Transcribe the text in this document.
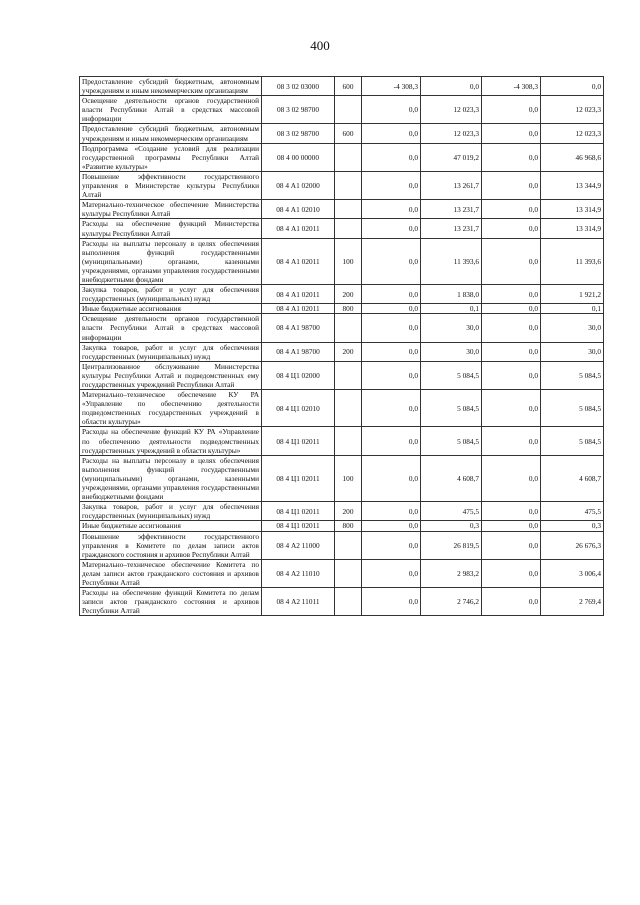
400
Предоставление субсидий бюджетным, автономным учреждениям и иным некоммерческим организациям	08 3 02 03000	600	-4 308,3	0,0	-4 308,3	0,0
Освещение деятельности органов государственной власти Республики Алтай в средствах массовой информации	08 3 02 98700		0,0	12 023,3	0,0	12 023,3
Предоставление субсидий бюджетным, автономным учреждениям и иным некоммерческим организациям	08 3 02 98700	600	0,0	12 023,3	0,0	12 023,3
Подпрограмма «Создание условий для реализации государственной программы Республики Алтай «Развитие культуры»	08 4 00 00000		0,0	47 019,2	0,0	46 968,6
Повышение эффективности государственного управления в Министерстве культуры Республики Алтай	08 4 А1 02000		0,0	13 261,7	0,0	13 344,9
Материально-техническое обеспечение Министерства культуры Республики Алтай	08 4 А1 02010		0,0	13 231,7	0,0	13 314,9
Расходы на обеспечение функций Министерства культуры Республики Алтай	08 4 А1 02011		0,0	13 231,7	0,0	13 314,9
Расходы на выплаты персоналу в целях обеспечения выполнения функций государственными (муниципальными) органами, казенными учреждениями, органами управления государственными внебюджетными фондами	08 4 А1 02011	100	0,0	11 393,6	0,0	11 393,6
Закупка товаров, работ и услуг для обеспечения государственных (муниципальных) нужд	08 4 А1 02011	200	0,0	1 838,0	0,0	1 921,2
Иные бюджетные ассигнования	08 4 А1 02011	800	0,0	0,1	0,0	0,1
Освещение деятельности органов государственной власти Республики Алтай в средствах массовой информации	08 4 А1 98700		0,0	30,0	0,0	30,0
Закупка товаров, работ и услуг для обеспечения государственных (муниципальных) нужд	08 4 А1 98700	200	0,0	30,0	0,0	30,0
Централизованное обслуживание Министерства культуры Республики Алтай и подведомственных ему государственных учреждений Республики Алтай	08 4 Ц1 02000		0,0	5 084,5	0,0	5 084,5
Материально–техническое обеспечение КУ РА «Управление по обеспечению деятельности подведомственных государственных учреждений в области культуры»	08 4 Ц1 02010		0,0	5 084,5	0,0	5 084,5
Расходы на обеспечение функций КУ РА «Управление по обеспечению деятельности подведомственных государственных учреждений в области культуры»	08 4 Ц1 02011		0,0	5 084,5	0,0	5 084,5
Расходы на выплаты персоналу в целях обеспечения выполнения функций государственными (муниципальными) органами, казенными учреждениями, органами управления государственными внебюджетными фондами	08 4 Ц1 02011	100	0,0	4 608,7	0,0	4 608,7
Закупка товаров, работ и услуг для обеспечения государственных (муниципальных) нужд	08 4 Ц1 02011	200	0,0	475,5	0,0	475,5
Иные бюджетные ассигнования	08 4 Ц1 02011	800	0,0	0,3	0,0	0,3
Повышение эффективности государственного управления в Комитете по делам записи актов гражданского состояния и архивов Республики Алтай	08 4 А2 11000		0,0	26 819,5	0,0	26 676,3
Материально–техническое обеспечение Комитета по делам записи актов гражданского состояния и архивов Республики Алтай	08 4 А2 11010		0,0	2 983,2	0,0	3 006,4
Расходы на обеспечение функций Комитета по делам записи актов гражданского состояния и архивов Республики Алтай	08 4 А2 11011		0,0	2 746,2	0,0	2 769,4
